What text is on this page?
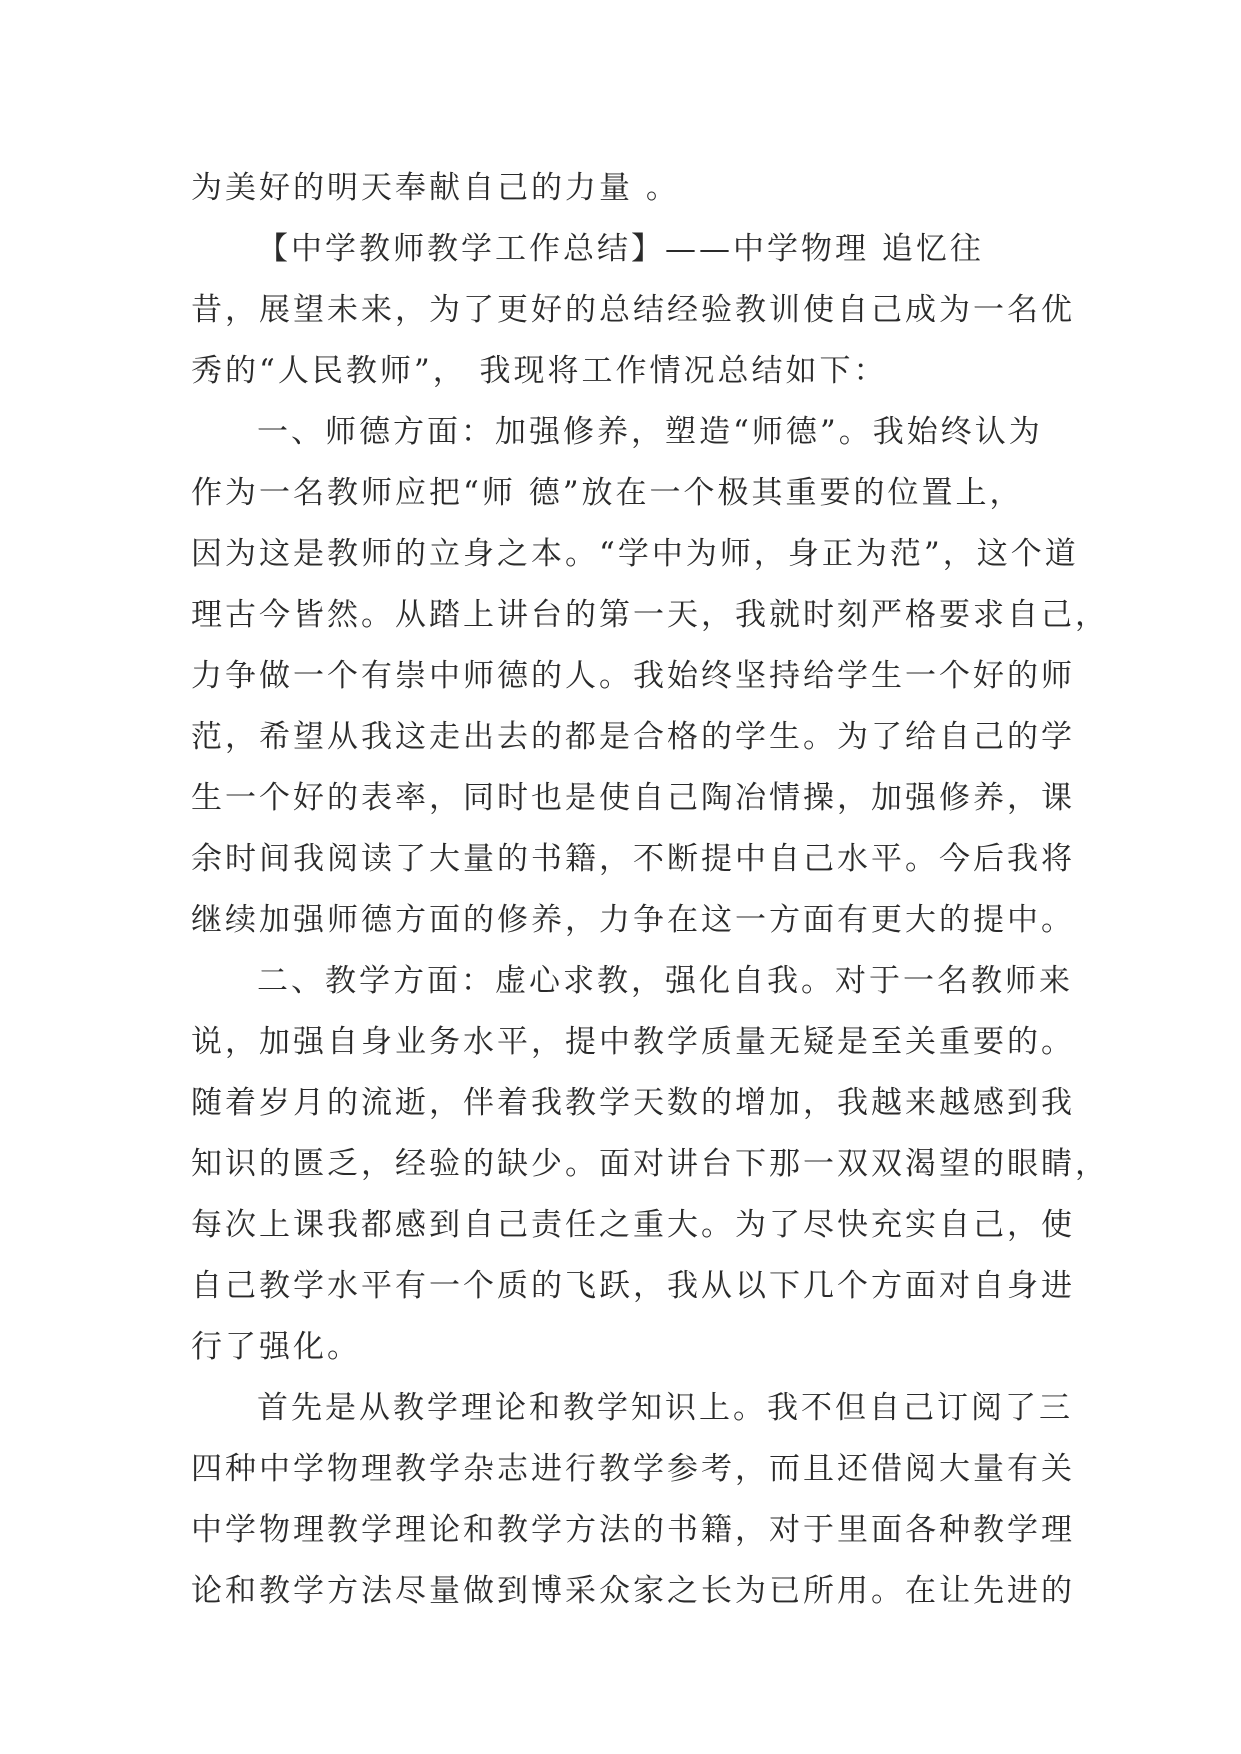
为美好的明天奉献自己的力量 。
【中学教师教学工作总结】——中学物理 追忆往
昔，展望未来，为了更好的总结经验教训使自己成为一名优
秀的“人民教师”， 我现将工作情况总结如下：
一、师德方面：加强修养，塑造“师德”。我始终认为
作为一名教师应把“师 德”放在一个极其重要的位置上，
因为这是教师的立身之本。“学中为师，身正为范”，这个道
理古今皆然。从踏上讲台的第一天，我就时刻严格要求自己，
力争做一个有崇中师德的人。我始终坚持给学生一个好的师
范，希望从我这走出去的都是合格的学生。为了给自己的学
生一个好的表率，同时也是使自己陶冶情操，加强修养，课
余时间我阅读了大量的书籍，不断提中自己水平。今后我将
继续加强师德方面的修养，力争在这一方面有更大的提中。
二、教学方面：虚心求教，强化自我。对于一名教师来
说，加强自身业务水平，提中教学质量无疑是至关重要的。
随着岁月的流逝，伴着我教学天数的增加，我越来越感到我
知识的匮乏，经验的缺少。面对讲台下那一双双渴望的眼睛，
每次上课我都感到自己责任之重大。为了尽快充实自己，使
自己教学水平有一个质的飞跃，我从以下几个方面对自身进
行了强化。
首先是从教学理论和教学知识上。我不但自己订阅了三
四种中学物理教学杂志进行教学参考，而且还借阅大量有关
中学物理教学理论和教学方法的书籍，对于里面各种教学理
论和教学方法尽量做到博采众家之长为已所用。在让先进的
